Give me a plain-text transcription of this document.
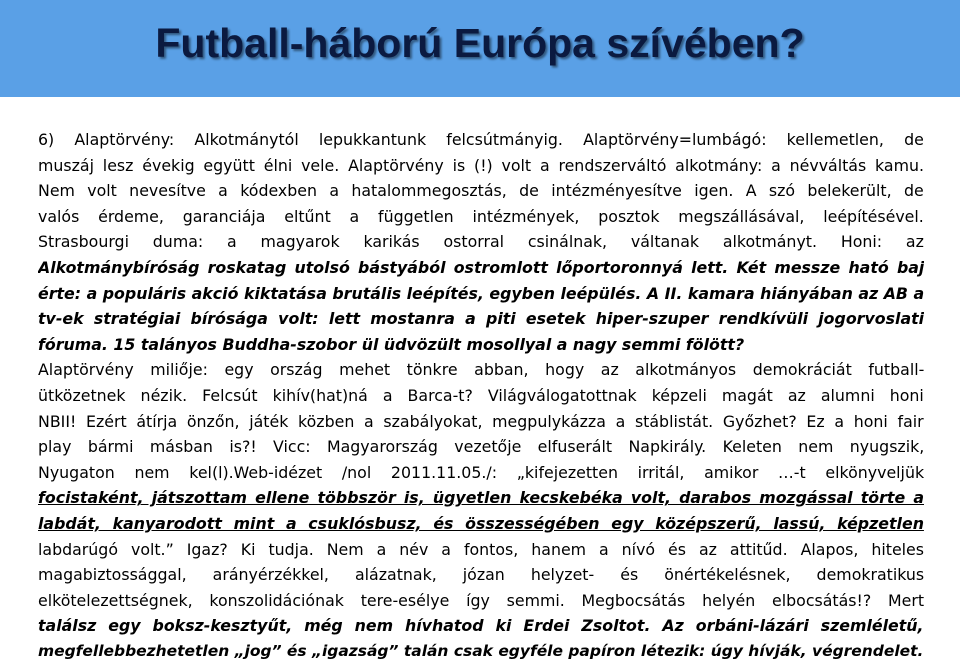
Futball-háború Európa szívében?
6) Alaptörvény: Alkotmánytól lepukkantunk felcsútmányig. Alaptörvény=lumbágó: kellemetlen, de
muszáj lesz évekig együtt élni vele. Alaptörvény is (!) volt a rendszerváltó alkotmány: a névváltás kamu.
Nem volt nevesítve a kódexben a hatalommegosztás, de intézményesítve igen. A szó belekerült, de
valós érdeme, garanciája eltűnt a független intézmények, posztok megszállásával, leépítésével.
Strasbourgi duma: a magyarok karikás ostorral csinálnak, váltanak alkotmányt. Honi: az
Alkotmánybíróság roskatag utolsó bástyából ostromlott lőportoronnyá lett. Két messze ható baj
érte: a populáris akció kiktatása brutális leépítés, egyben leépülés. A II. kamara hiányában az AB a
tv-ek stratégiai bírósága volt: lett mostanra a piti esetek hiper-szuper rendkívüli jogorvoslati
fóruma. 15 talányos Buddha-szobor ül üdvözült mosollyal a nagy semmi fölött?
Alaptörvény miliője: egy ország mehet tönkre abban, hogy az alkotmányos demokráciát futball-
ütközetnek nézik. Felcsút kihív(hat)ná a Barca-t? Világválogatottnak képzeli magát az alumni honi
NBII! Ezért átírja önzőn, játék közben a szabályokat, megpulykázza a stáblistát. Győzhet? Ez a honi fair
play bármi másban is?! Vicc: Magyarország vezetője elfuserált Napkirály. Keleten nem nyugszik,
Nyugaton nem kel(l).Web-idézet /nol 2011.11.05./: „kifejezetten irritál, amikor …-t elkönyveljük
focistaként, játszottam ellene többször is, ügyetlen kecskebéka volt, darabos mozgással törte a
labdát, kanyarodott mint a csuklósbusz, és összességében egy középszerű, lassú, képzetlen
labdarúgó volt.” Igaz? Ki tudja. Nem a név a fontos, hanem a nívó és az attitűd. Alapos, hiteles
magabiztossággal, arányérzékkel, alázatnak, józan helyzet- és önértékelésnek, demokratikus
elkötelezettségnek, konszolidációnak tere-esélye így semmi. Megbocsátás helyén elbocsátás!? Mert
találsz egy boksz-kesztyűt, még nem hívhatod ki Erdei Zsoltot. Az orbáni-lázári szemléletű,
megfellebbezhetetlen „jog” és „igazság” talán csak egyféle papíron létezik: úgy hívják, végrendelet.
